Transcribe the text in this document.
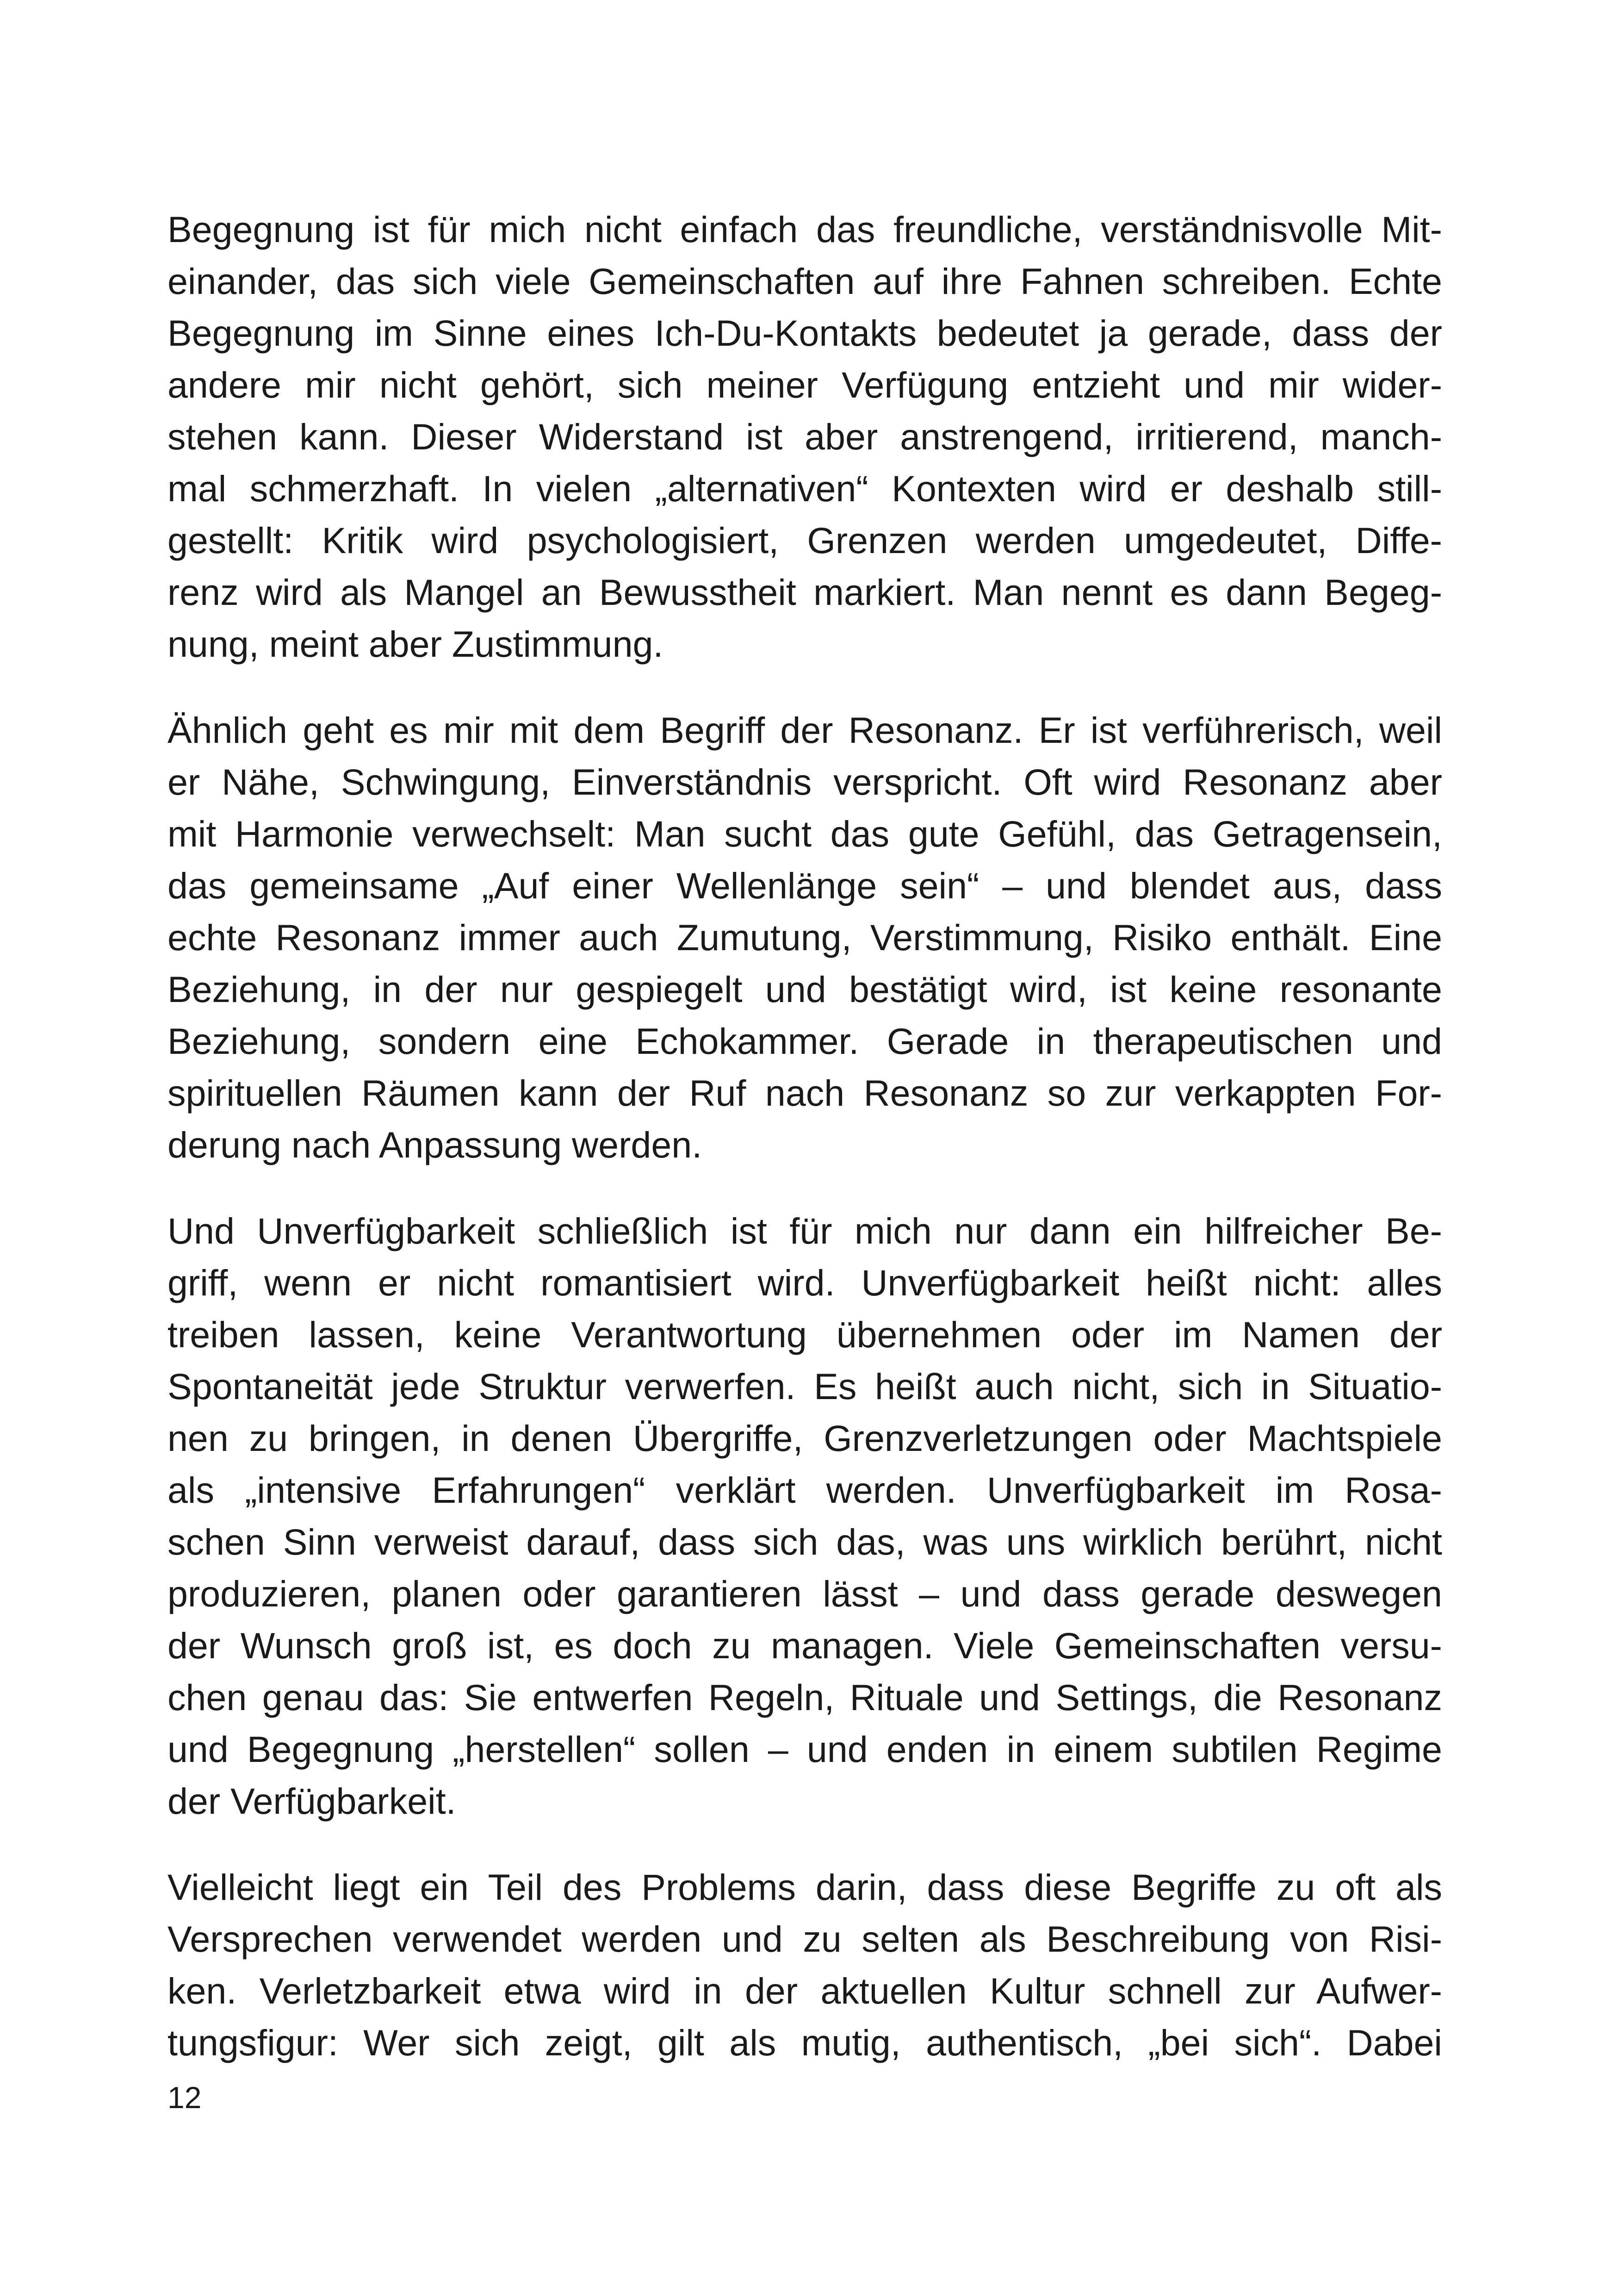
Begegnung ist für mich nicht einfach das freundliche, verständnisvolle Mit-
einander, das sich viele Gemeinschaften auf ihre Fahnen schreiben. Echte
Begegnung im Sinne eines Ich-Du-Kontakts bedeutet ja gerade, dass der
andere mir nicht gehört, sich meiner Verfügung entzieht und mir wider-
stehen kann. Dieser Widerstand ist aber anstrengend, irritierend, manch-
mal schmerzhaft. In vielen „alternativen“ Kontexten wird er deshalb still-
gestellt: Kritik wird psychologisiert, Grenzen werden umgedeutet, Diffe-
renz wird als Mangel an Bewusstheit markiert. Man nennt es dann Begeg-
nung, meint aber Zustimmung.
Ähnlich geht es mir mit dem Begriff der Resonanz. Er ist verführerisch, weil
er Nähe, Schwingung, Einverständnis verspricht. Oft wird Resonanz aber
mit Harmonie verwechselt: Man sucht das gute Gefühl, das Getragensein,
das gemeinsame „Auf einer Wellenlänge sein“ – und blendet aus, dass
echte Resonanz immer auch Zumutung, Verstimmung, Risiko enthält. Eine
Beziehung, in der nur gespiegelt und bestätigt wird, ist keine resonante
Beziehung, sondern eine Echokammer. Gerade in therapeutischen und
spirituellen Räumen kann der Ruf nach Resonanz so zur verkappten For-
derung nach Anpassung werden.
Und Unverfügbarkeit schließlich ist für mich nur dann ein hilfreicher Be-
griff, wenn er nicht romantisiert wird. Unverfügbarkeit heißt nicht: alles
treiben lassen, keine Verantwortung übernehmen oder im Namen der
Spontaneität jede Struktur verwerfen. Es heißt auch nicht, sich in Situatio-
nen zu bringen, in denen Übergriffe, Grenzverletzungen oder Machtspiele
als „intensive Erfahrungen“ verklärt werden. Unverfügbarkeit im Rosa-
schen Sinn verweist darauf, dass sich das, was uns wirklich berührt, nicht
produzieren, planen oder garantieren lässt – und dass gerade deswegen
der Wunsch groß ist, es doch zu managen. Viele Gemeinschaften versu-
chen genau das: Sie entwerfen Regeln, Rituale und Settings, die Resonanz
und Begegnung „herstellen“ sollen – und enden in einem subtilen Regime
der Verfügbarkeit.
Vielleicht liegt ein Teil des Problems darin, dass diese Begriffe zu oft als
Versprechen verwendet werden und zu selten als Beschreibung von Risi-
ken. Verletzbarkeit etwa wird in der aktuellen Kultur schnell zur Aufwer-
tungsfigur: Wer sich zeigt, gilt als mutig, authentisch, „bei sich“. Dabei
12
